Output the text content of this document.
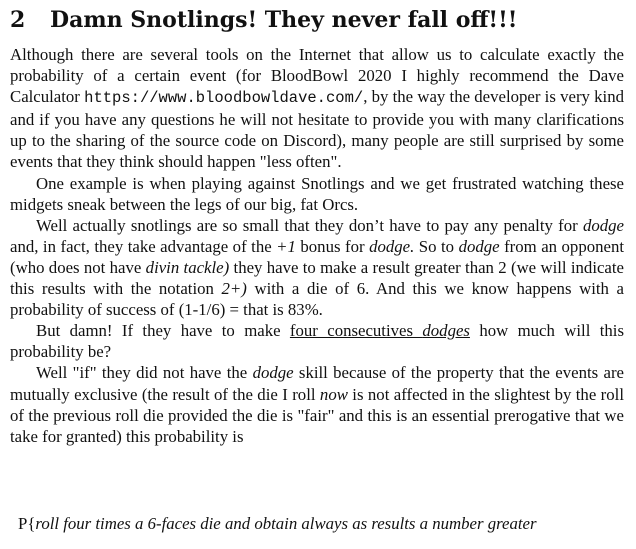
2 Damn Snotlings! They never fall off!!!

Although there are several tools on the Internet that allow us to calculate exactly the probability of a certain event (for BloodBowl 2020 I highly recommend the Dave Calculator https://www.bloodbowldave.com/, by the way the developer is very kind and if you have any questions he will not hesitate to provide you with many clarifications up to the sharing of the source code on Discord), many people are still surprised by some events that they think should happen "less often".

One example is when playing against Snotlings and we get frustrated watching these midgets sneak between the legs of our big, fat Orcs.

Well actually snotlings are so small that they don’t have to pay any penalty for dodge and, in fact, they take advantage of the +1 bonus for dodge. So to dodge from an opponent (who does not have divin tackle) they have to make a result greater than 2 (we will indicate this results with the notation 2+) with a die of 6. And this we know happens with a probability of success of (1-1/6) = that is 83%.

But damn! If they have to make four consecutives dodges how much will this probability be?

Well "if" they did not have the dodge skill because of the property that the events are mutually exclusive (the result of the die I roll now is not affected in the slightest by the roll of the previous roll die provided the die is "fair" and this is an essential prerogative that we take for granted) this probability is

P{roll four times a 6-faces die and obtain always as results a number greater
